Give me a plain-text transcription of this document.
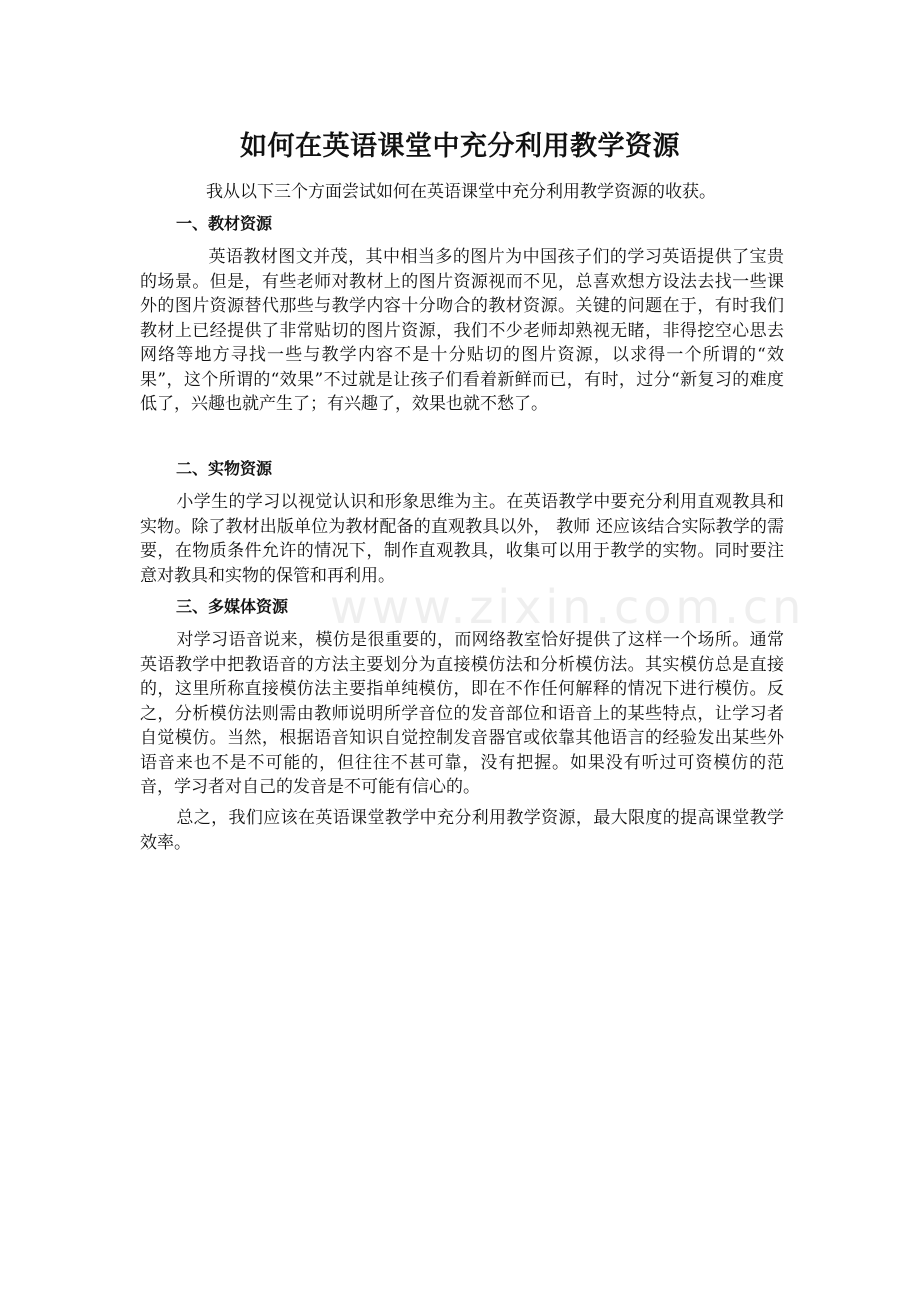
如何在英语课堂中充分利用教学资源

我从以下三个方面尝试如何在英语课堂中充分利用教学资源的收获。

一、教材资源

英语教材图文并茂，其中相当多的图片为中国孩子们的学习英语提供了宝贵的场景。但是，有些老师对教材上的图片资源视而不见，总喜欢想方设法去找一些课外的图片资源替代那些与教学内容十分吻合的教材资源。关键的问题在于，有时我们教材上已经提供了非常贴切的图片资源，我们不少老师却熟视无睹，非得挖空心思去网络等地方寻找一些与教学内容不是十分贴切的图片资源，以求得一个所谓的“效果”，这个所谓的“效果”不过就是让孩子们看着新鲜而已，有时，过分“新复习的难度低了，兴趣也就产生了；有兴趣了，效果也就不愁了。

二、实物资源

小学生的学习以视觉认识和形象思维为主。在英语教学中要充分利用直观教具和实物。除了教材出版单位为教材配备的直观教具以外， 教师 还应该结合实际教学的需要，在物质条件允许的情况下，制作直观教具，收集可以用于教学的实物。同时要注意对教具和实物的保管和再利用。

三、多媒体资源

对学习语音说来，模仿是很重要的，而网络教室恰好提供了这样一个场所。通常英语教学中把教语音的方法主要划分为直接模仿法和分析模仿法。其实模仿总是直接的，这里所称直接模仿法主要指单纯模仿，即在不作任何解释的情况下进行模仿。反之，分析模仿法则需由教师说明所学音位的发音部位和语音上的某些特点，让学习者自觉模仿。当然，根据语音知识自觉控制发音器官或依靠其他语言的经验发出某些外语音来也不是不可能的，但往往不甚可靠，没有把握。如果没有听过可资模仿的范音，学习者对自己的发音是不可能有信心的。

总之，我们应该在英语课堂教学中充分利用教学资源，最大限度的提高课堂教学效率。

www.zixin.com.cn
